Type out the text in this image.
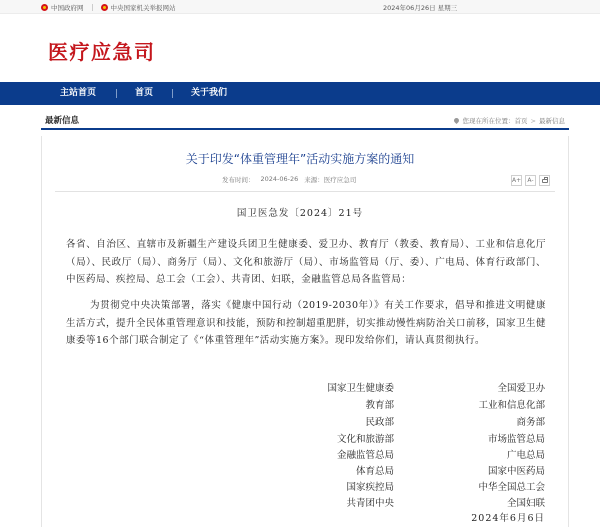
中国政府网	中央国家机关举报网站	2024年06月26日 星期三
医疗应急司
主站首页	首页	关于我们
最新信息	您现在所在位置： 首页 > 最新信息
关于印发“体重管理年”活动实施方案的通知
发布时间： 2024-06-26 来源： 医疗应急司	A+	A-
国卫医急发〔2024〕21号
各省、自治区、直辖市及新疆生产建设兵团卫生健康委、爱卫办、教育厅（教委、教育局）、工业和信息化厅（局）、民政厅（局）、商务厅（局）、文化和旅游厅（局）、市场监管局（厅、委）、广电局、体育行政部门、中医药局、疾控局、总工会（工会）、共青团、妇联，金融监管总局各监管局：
为贯彻党中央决策部署，落实《健康中国行动（2019-2030年）》有关工作要求，倡导和推进文明健康生活方式，提升全民体重管理意识和技能，预防和控制超重肥胖，切实推动慢性病防治关口前移，国家卫生健康委等16个部门联合制定了《“体重管理年”活动实施方案》。现印发给你们，请认真贯彻执行。
国家卫生健康委	全国爱卫办
教育部	工业和信息化部
民政部	商务部
文化和旅游部	市场监管总局
金融监管总局	广电总局
体育总局	国家中医药局
国家疾控局	中华全国总工会
共青团中央	全国妇联
2024年6月6日
